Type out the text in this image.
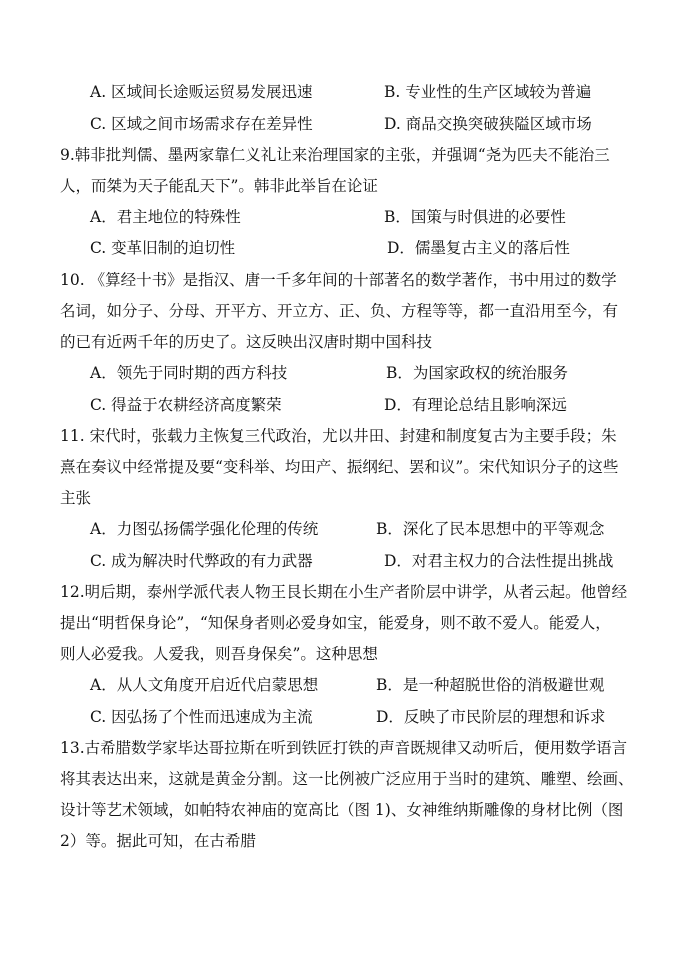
A. 区域间长途贩运贸易发展迅速	B. 专业性的生产区域较为普遍
C. 区域之间市场需求存在差异性	D. 商品交换突破狭隘区域市场
9.韩非批判儒、墨两家靠仁义礼让来治理国家的主张，并强调“尧为匹夫不能治三
人，而桀为天子能乱天下”。韩非此举旨在论证
A．君主地位的特殊性	B．国策与时俱进的必要性
C. 变革旧制的迫切性	D．儒墨复古主义的落后性
10. 《算经十书》是指汉、唐一千多年间的十部著名的数学著作，书中用过的数学
名词，如分子、分母、开平方、开立方、正、负、方程等等，都一直沿用至今，有
的已有近两千年的历史了。这反映出汉唐时期中国科技
A．领先于同时期的西方科技	B．为国家政权的统治服务
C. 得益于农耕经济高度繁荣	D．有理论总结且影响深远
11. 宋代时，张载力主恢复三代政治，尤以井田、封建和制度复古为主要手段；朱
熹在奏议中经常提及要“变科举、均田产、振纲纪、罢和议”。宋代知识分子的这些
主张
A．力图弘扬儒学强化伦理的传统	B．深化了民本思想中的平等观念
C. 成为解决时代弊政的有力武器	D．对君主权力的合法性提出挑战
12.明后期，泰州学派代表人物王艮长期在小生产者阶层中讲学，从者云起。他曾经
提出“明哲保身论”，“知保身者则必爱身如宝，能爱身，则不敢不爱人。能爱人，
则人必爱我。人爱我，则吾身保矣”。这种思想
A．从人文角度开启近代启蒙思想	B．是一种超脱世俗的消极避世观
C. 因弘扬了个性而迅速成为主流	D．反映了市民阶层的理想和诉求
13.古希腊数学家毕达哥拉斯在听到铁匠打铁的声音既规律又动听后，便用数学语言
将其表达出来，这就是黄金分割。这一比例被广泛应用于当时的建筑、雕塑、绘画、
设计等艺术领域，如帕特农神庙的宽高比（图 1)、女神维纳斯雕像的身材比例（图
2）等。据此可知，在古希腊
